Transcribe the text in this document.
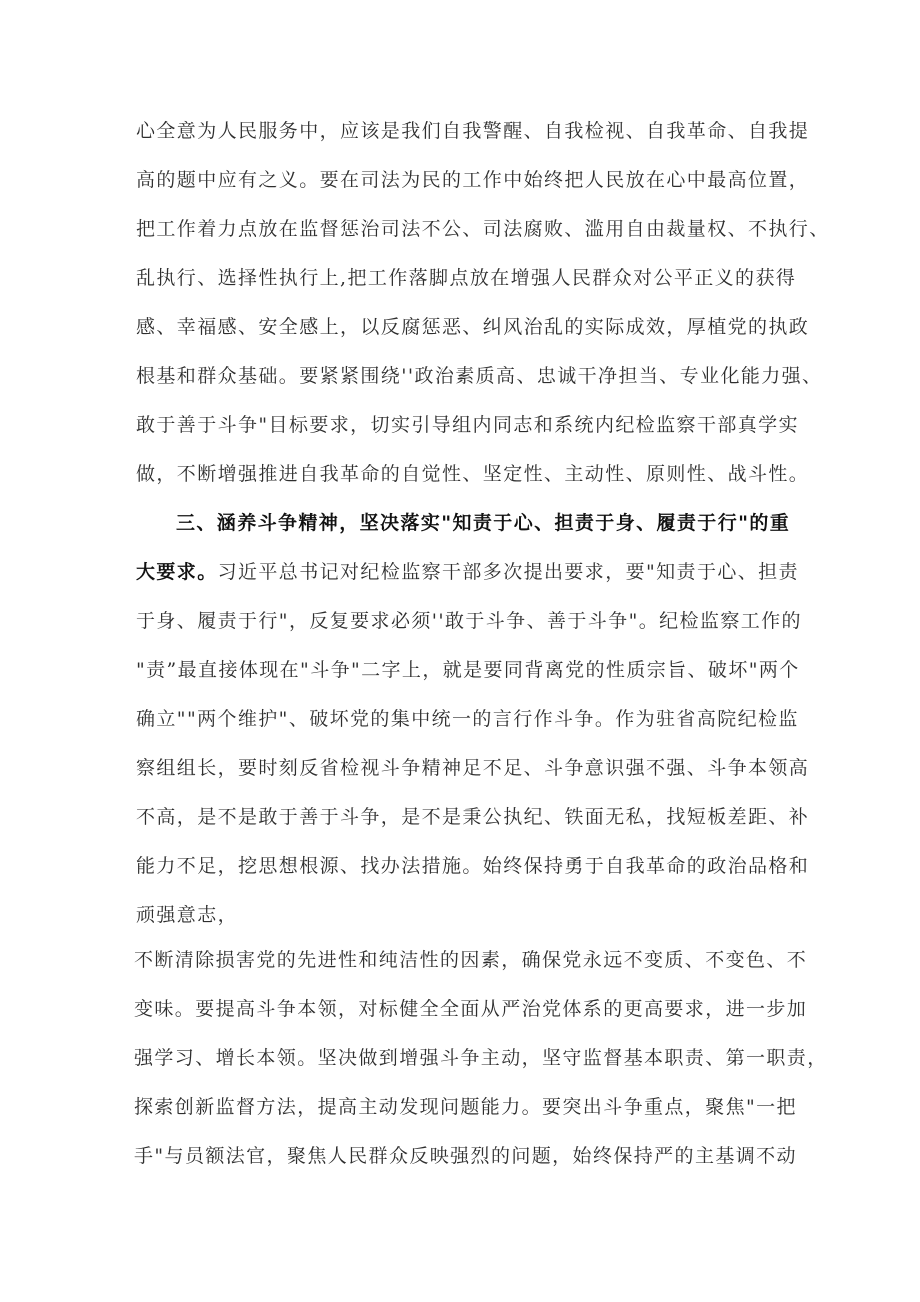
心全意为人民服务中，应该是我们自我警醒、自我检视、自我革命、自我提
高的题中应有之义。要在司法为民的工作中始终把人民放在心中最高位置，
把工作着力点放在监督惩治司法不公、司法腐败、滥用自由裁量权、不执行、
乱执行、选择性执行上,把工作落脚点放在增强人民群众对公平正义的获得
感、幸福感、安全感上，以反腐惩恶、纠风治乱的实际成效，厚植党的执政
根基和群众基础。要紧紧围绕''政治素质高、忠诚干净担当、专业化能力强、
敢于善于斗争"目标要求，切实引导组内同志和系统内纪检监察干部真学实
做，不断增强推进自我革命的自觉性、坚定性、主动性、原则性、战斗性。
三、涵养斗争精神，坚决落实"知责于心、担责于身、履责于行"的重
大要求。习近平总书记对纪检监察干部多次提出要求，要"知责于心、担责
于身、履责于行"，反复要求必须''敢于斗争、善于斗争"。纪检监察工作的
"责”最直接体现在"斗争"二字上，就是要同背离党的性质宗旨、破坏"两个
确立""两个维护"、破坏党的集中统一的言行作斗争。作为驻省高院纪检监
察组组长，要时刻反省检视斗争精神足不足、斗争意识强不强、斗争本领高
不高，是不是敢于善于斗争，是不是秉公执纪、铁面无私，找短板差距、补
能力不足，挖思想根源、找办法措施。始终保持勇于自我革命的政治品格和
顽强意志，
不断清除损害党的先进性和纯洁性的因素，确保党永远不变质、不变色、不
变味。要提高斗争本领，对标健全全面从严治党体系的更高要求，进一步加
强学习、增长本领。坚决做到增强斗争主动，坚守监督基本职责、第一职责，
探索创新监督方法，提高主动发现问题能力。要突出斗争重点，聚焦"一把
手"与员额法官，聚焦人民群众反映强烈的问题，始终保持严的主基调不动
